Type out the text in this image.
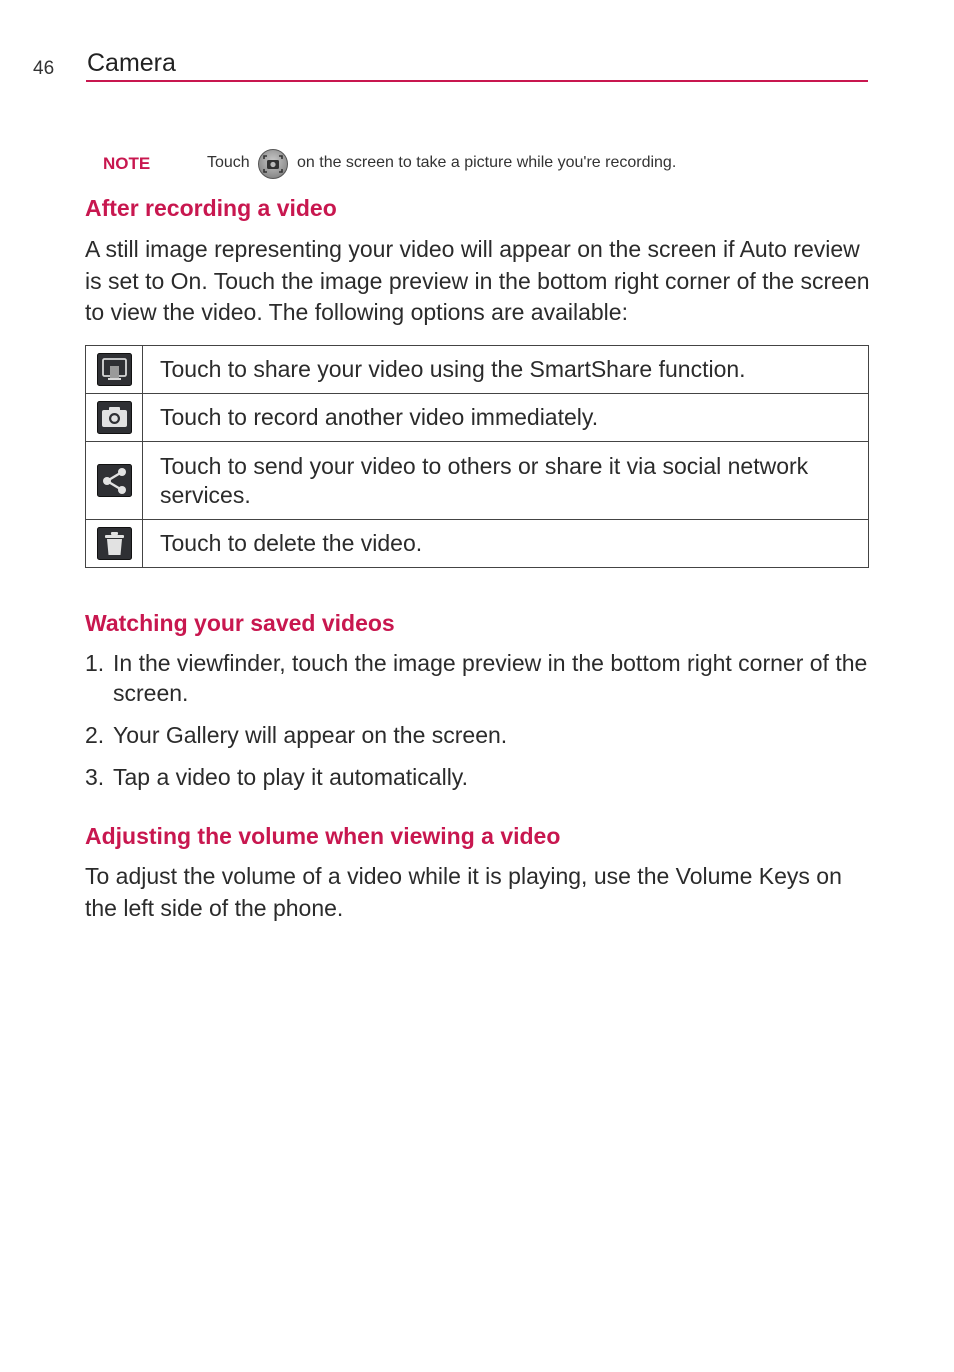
46 Camera
NOTE	Touch	on the screen to take a picture while you're recording.
After recording a video

A still image representing your video will appear on the screen if Auto review is set to On. Touch the image preview in the bottom right corner of the screen to view the video. The following options are available:

	Touch to share your video using the SmartShare function.
	Touch to record another video immediately.
	Touch to send your video to others or share it via social network services.
	Touch to delete the video.
Watching your saved videos
1. In the viewfinder, touch the image preview in the bottom right corner of the screen.
2. Your Gallery will appear on the screen.
3. Tap a video to play it automatically.
Adjusting the volume when viewing a video

To adjust the volume of a video while it is playing, use the Volume Keys on the left side of the phone.
